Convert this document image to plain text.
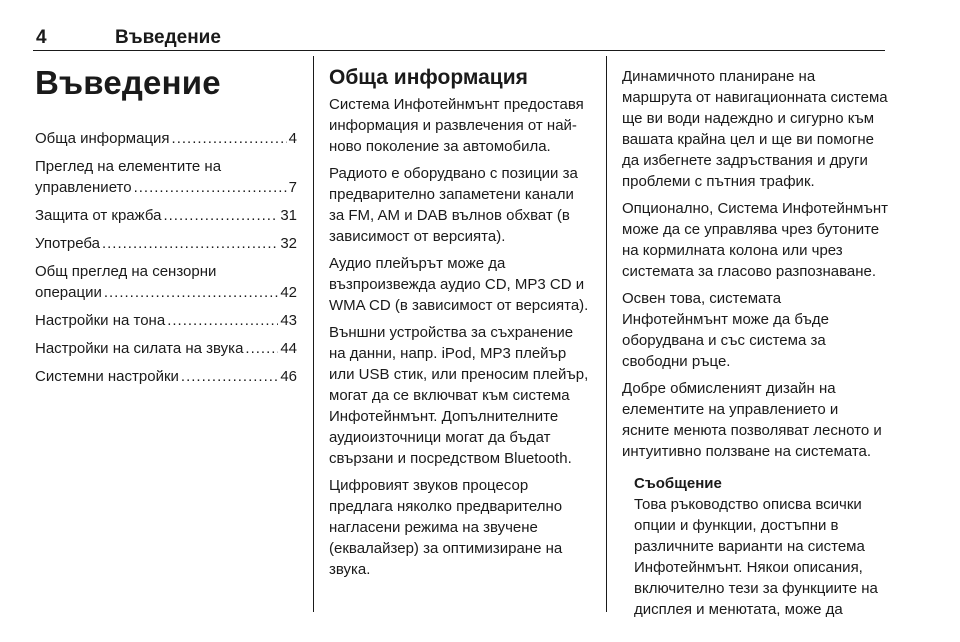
4	Въведение
Въведение
Обща информация .....	4
Преглед на елементите на
управлението .....	7
Защита от кражба .....	31
Употреба .....	32
Общ преглед на сензорни
операции .....	42
Настройки на тона .....	43
Настройки на силата на звука ..... 44
Системни настройки .....	46
Обща информация

Система Инфотейнмънт предоставя информация и развлечения от най-ново поколение за автомобила.

Радиото е оборудвано с позиции за предварително запаметени канали за FM, AM и DAB вълнов обхват (в зависимост от версията).

Аудио плейърът може да възпроизвежда аудио CD, MP3 CD и WMA CD (в зависимост от версията).

Външни устройства за съхранение на данни, напр. iPod, MP3 плейър или USB стик, или преносим плейър, могат да се включват към система Инфотейнмънт. Допълнителните аудиоизточници могат да бъдат свързани и посредством Bluetooth.

Цифровият звуков процесор предлага няколко предварително нагласени режима на звучене (еквалайзер) за оптимизиране на звука.

Динамичното планиране на маршрута от навигационната система ще ви води надеждно и сигурно към вашата крайна цел и ще ви помогне да избегнете задръствания и други проблеми с пътния трафик.

Опционално, Система Инфотейнмънт може да се управлява чрез бутоните на кормилната колона или чрез системата за гласово разпознаване.

Освен това, системата Инфотейнмънт може да бъде оборудвана и със система за свободни ръце.

Добре обмисленият дизайн на елементите на управлението и ясните менюта позволяват лесното и интуитивно ползване на системата.

Съобщение

Това ръководство описва всички опции и функции, достъпни в различните варианти на система Инфотейнмънт. Някои описания, включително тези за функциите на дисплея и менютата, може да
